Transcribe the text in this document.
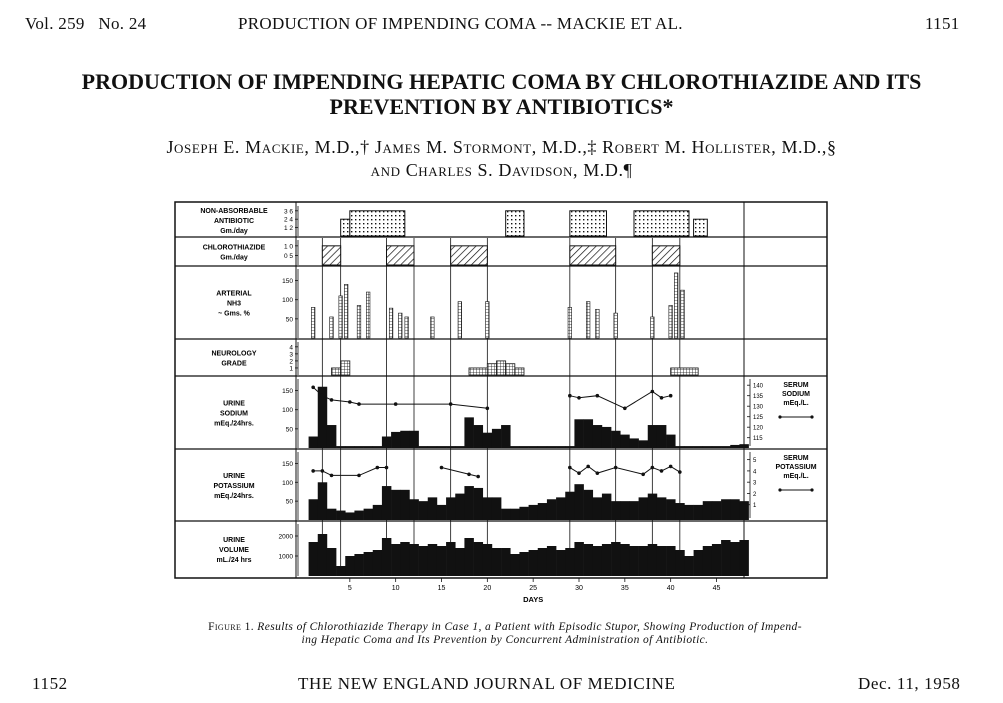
Vol. 259 No. 24	PRODUCTION OF IMPENDING COMA -- MACKIE ET AL.	1151
PRODUCTION OF IMPENDING HEPATIC COMA BY CHLOROTHIAZIDE AND ITS
PREVENTION BY ANTIBIOTICS*
Joseph E. Mackie, M.D.,† James M. Stormont, M.D.,‡ Robert M. Hollister, M.D.,§
and Charles S. Davidson, M.D.¶
NON-ABSORBABLE
ANTIBIOTIC
Gm./day
3 6
2 4
1 2
CHLOROTHIAZIDE
Gm./day
1 0
0 5
ARTERIAL
NH3
~ Gms. %
150
100
50
NEUROLOGY
GRADE
4
3
2
1
URINE
SODIUM
mEq./24hrs.
150
100
50
140
135
130
125
120
115
SERUM
SODIUM
mEq./L.
URINE
POTASSIUM
mEq./24hrs.
150
100
50
5
4
3
2
1
SERUM
POTASSIUM
mEq./L.
URINE
VOLUME
mL./24 hrs
2000
1000
5	10	15	20	25	30	35	40	45
DAYS
Figure 1. Results of Chlorothiazide Therapy in Case 1, a Patient with Episodic Stupor, Showing Production of Impend-
ing Hepatic Coma and Its Prevention by Concurrent Administration of Antibiotic.
1152	THE NEW ENGLAND JOURNAL OF MEDICINE	Dec. 11, 1958
